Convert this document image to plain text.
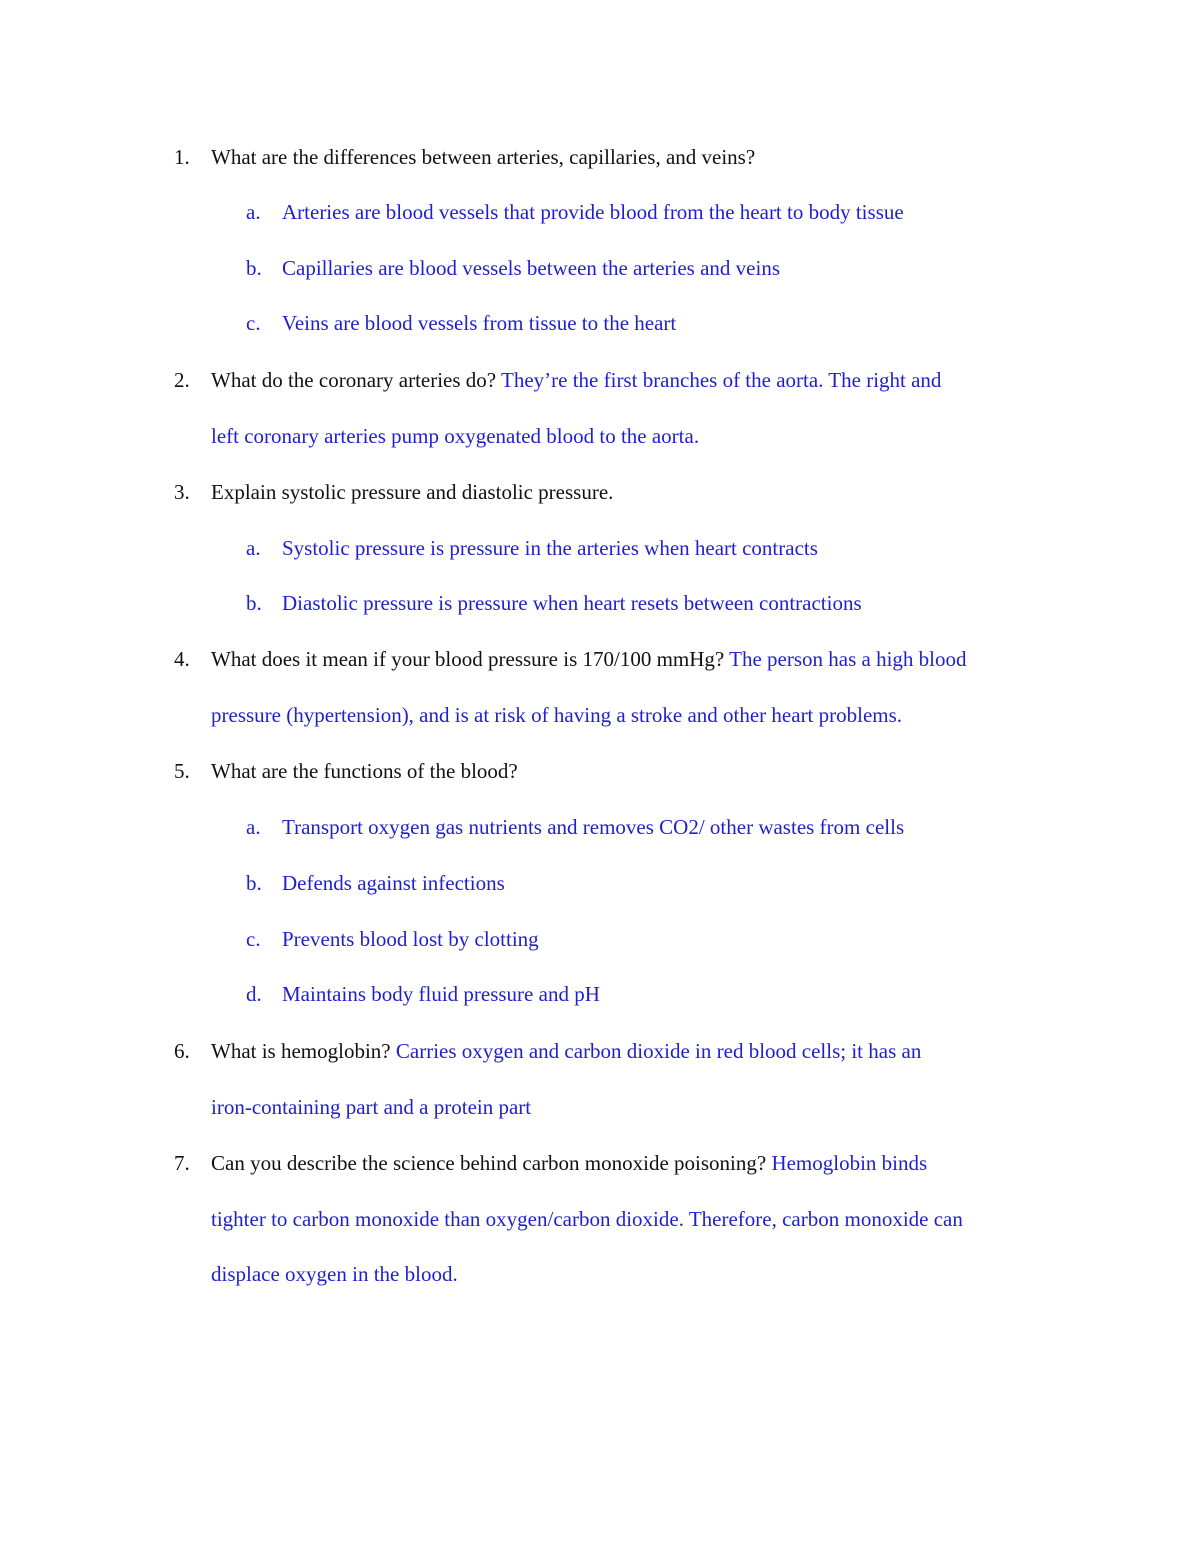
1.	What are the differences between arteries, capillaries, and veins?
a.	Arteries are blood vessels that provide blood from the heart to body tissue
b. Capillaries are blood vessels between the arteries and veins
c.	Veins are blood vessels from tissue to the heart
2.	What do the coronary arteries do? They’re the first branches of the aorta. The right and
left coronary arteries pump oxygenated blood to the aorta.
3.	Explain systolic pressure and diastolic pressure.
a.	Systolic pressure is pressure in the arteries when heart contracts
b. Diastolic pressure is pressure when heart resets between contractions
4.	What does it mean if your blood pressure is 170/100 mmHg? The person has a high blood
pressure (hypertension), and is at risk of having a stroke and other heart problems.
5.	What are the functions of the blood?
a.	Transport oxygen gas nutrients and removes CO2/ other wastes from cells
b. Defends against infections
c.	Prevents blood lost by clotting
d. Maintains body fluid pressure and pH
6.	What is hemoglobin? Carries oxygen and carbon dioxide in red blood cells; it has an
iron-containing part and a protein part
7.	Can you describe the science behind carbon monoxide poisoning? Hemoglobin binds
tighter to carbon monoxide than oxygen/carbon dioxide. Therefore, carbon monoxide can
displace oxygen in the blood.
